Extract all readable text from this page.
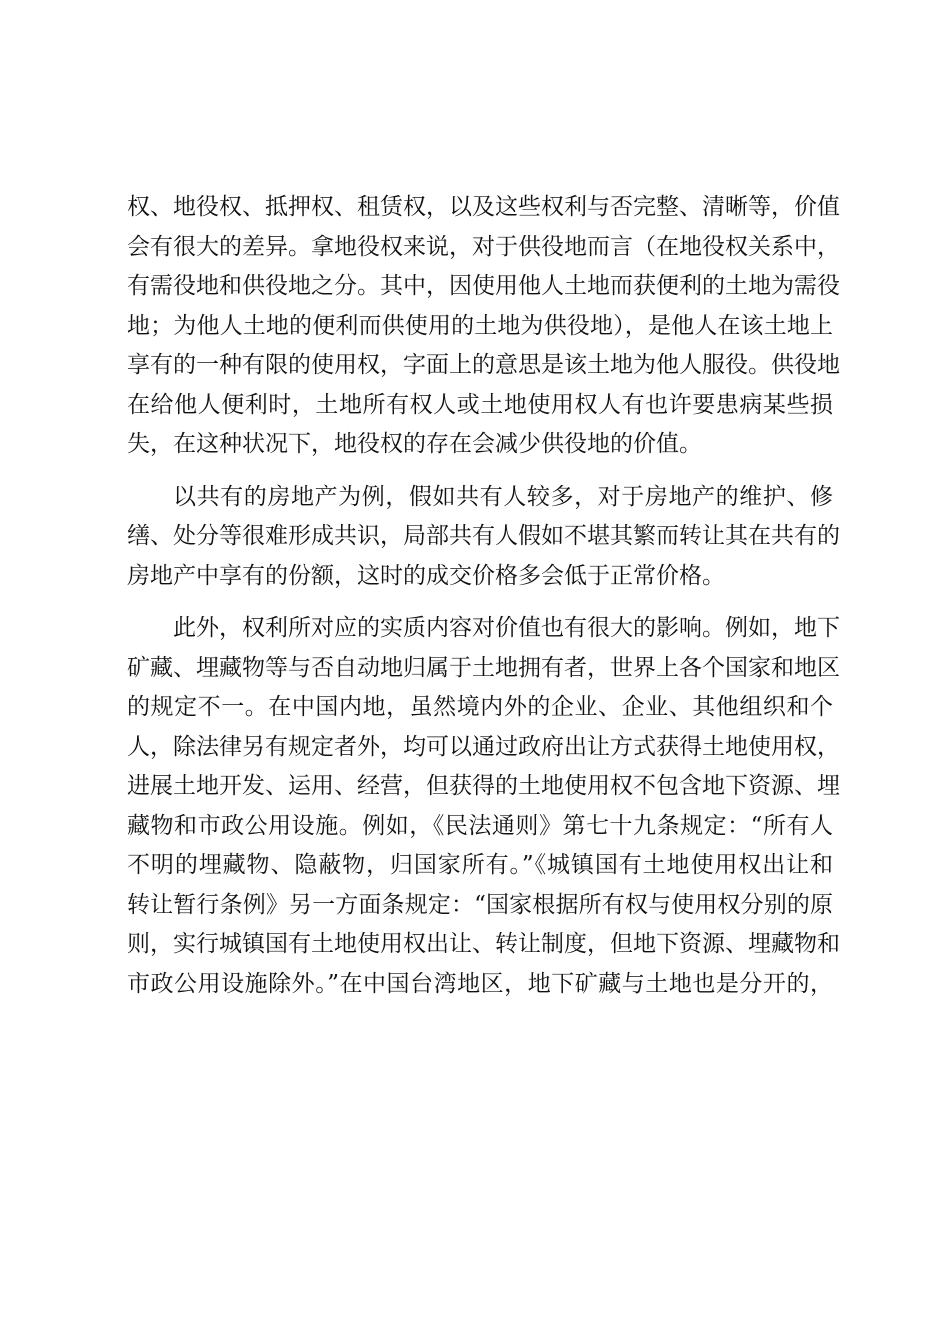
权、地役权、抵押权、租赁权，以及这些权利与否完整、清晰等，价值
会有很大的差异。拿地役权来说，对于供役地而言（在地役权关系中，
有需役地和供役地之分。其中，因使用他人土地而获便利的土地为需役
地；为他人土地的便利而供使用的土地为供役地），是他人在该土地上
享有的一种有限的使用权，字面上的意思是该土地为他人服役。供役地
在给他人便利时，土地所有权人或土地使用权人有也许要患病某些损
失，在这种状况下，地役权的存在会减少供役地的价值。
以共有的房地产为例，假如共有人较多，对于房地产的维护、修
缮、处分等很难形成共识，局部共有人假如不堪其繁而转让其在共有的
房地产中享有的份额，这时的成交价格多会低于正常价格。
此外，权利所对应的实质内容对价值也有很大的影响。例如，地下
矿藏、埋藏物等与否自动地归属于土地拥有者，世界上各个国家和地区
的规定不一。在中国内地，虽然境内外的企业、企业、其他组织和个
人，除法律另有规定者外，均可以通过政府出让方式获得土地使用权，
进展土地开发、运用、经营，但获得的土地使用权不包含地下资源、埋
藏物和市政公用设施。例如，《民法通则》第七十九条规定：“所有人
不明的埋藏物、隐蔽物，归国家所有。”《城镇国有土地使用权出让和
转让暂行条例》另一方面条规定：“国家根据所有权与使用权分别的原
则，实行城镇国有土地使用权出让、转让制度，但地下资源、埋藏物和
市政公用设施除外。”在中国台湾地区，地下矿藏与土地也是分开的，
